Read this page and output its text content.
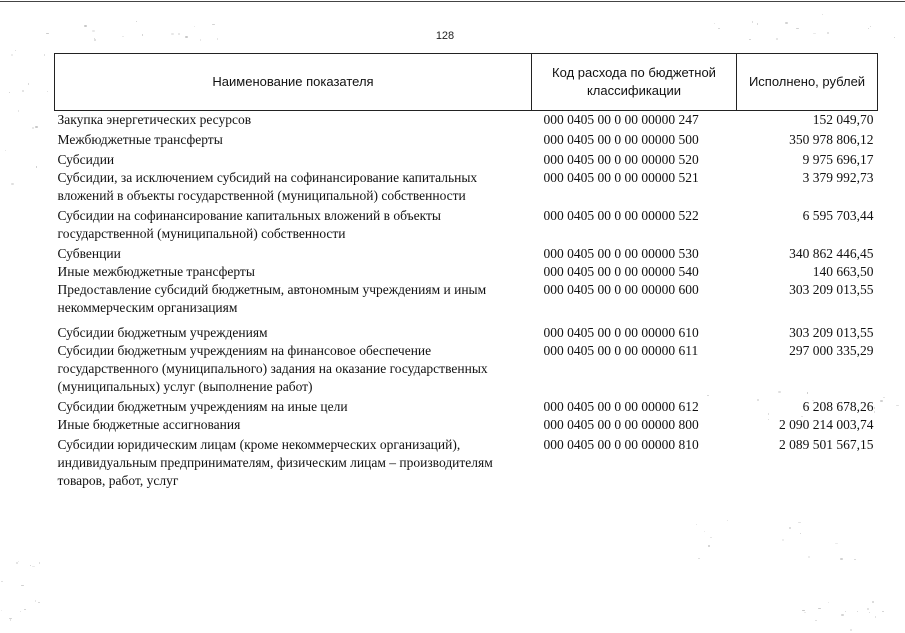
128
Наименование показателя	Код расхода по бюджетной классификации	Исполнено, рублей
Закупка энергетических ресурсов	000 0405 00 0 00 00000 247	152 049,70
Межбюджетные трансферты	000 0405 00 0 00 00000 500	350 978 806,12
Субсидии	000 0405 00 0 00 00000 520	9 975 696,17
Субсидии, за исключением субсидий на софинансирование капитальных вложений в объекты государственной (муниципальной) собственности	000 0405 00 0 00 00000 521	3 379 992,73
Субсидии на софинансирование капитальных вложений в объекты государственной (муниципальной) собственности	000 0405 00 0 00 00000 522	6 595 703,44
Субвенции	000 0405 00 0 00 00000 530	340 862 446,45
Иные межбюджетные трансферты	000 0405 00 0 00 00000 540	140 663,50
Предоставление субсидий бюджетным, автономным учреждениям и иным некоммерческим организациям	000 0405 00 0 00 00000 600	303 209 013,55
Субсидии бюджетным учреждениям	000 0405 00 0 00 00000 610	303 209 013,55
Субсидии бюджетным учреждениям на финансовое обеспечение государственного (муниципального) задания на оказание государственных (муниципальных) услуг (выполнение работ)	000 0405 00 0 00 00000 611	297 000 335,29
Субсидии бюджетным учреждениям на иные цели	000 0405 00 0 00 00000 612	6 208 678,26
Иные бюджетные ассигнования	000 0405 00 0 00 00000 800	2 090 214 003,74
Субсидии юридическим лицам (кроме некоммерческих организаций), индивидуальным предпринимателям, физическим лицам – производителям товаров, работ, услуг	000 0405 00 0 00 00000 810	2 089 501 567,15
